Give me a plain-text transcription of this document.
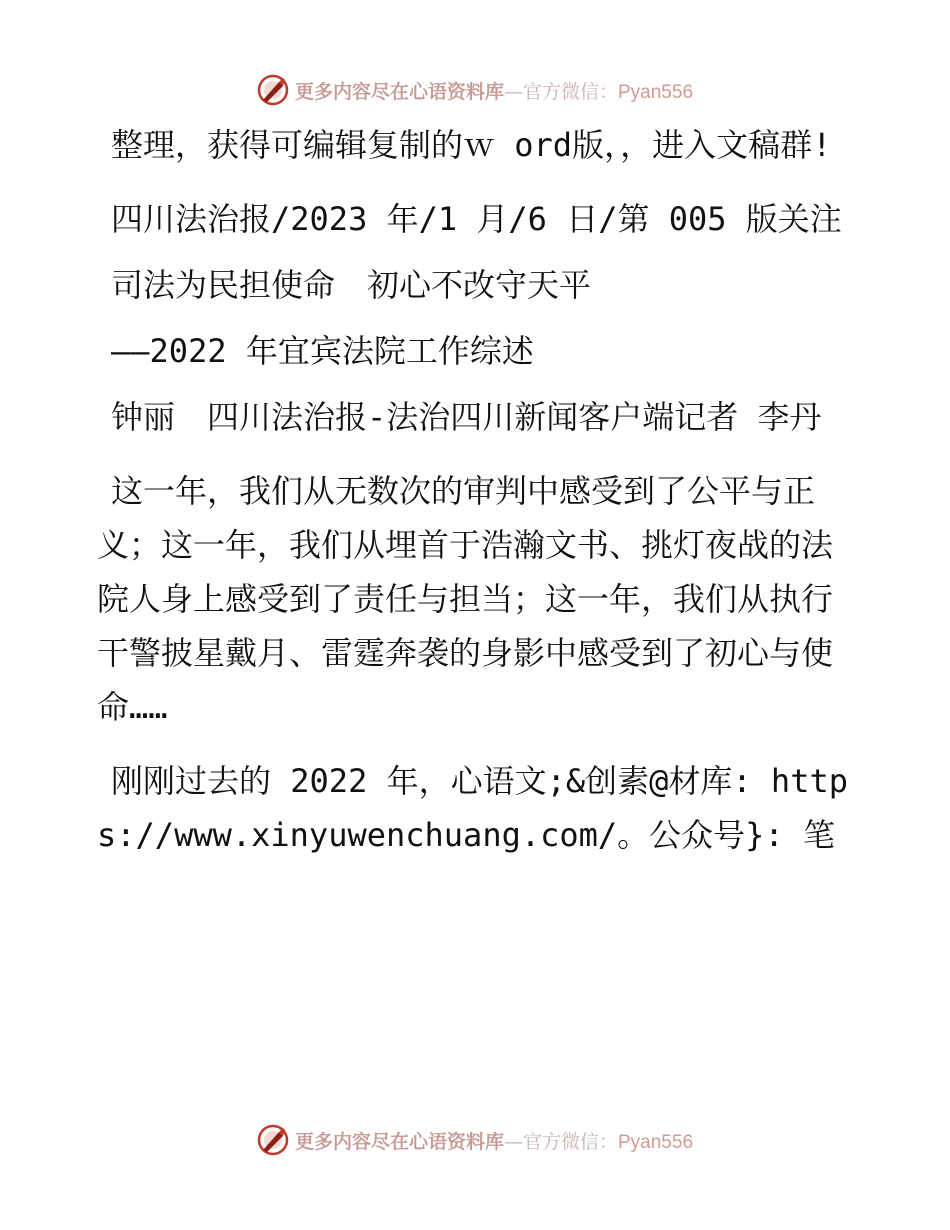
更多内容尽在心语资料库—官方微信：Pyan556

整理，获得可编辑复制的ｗ ord版，，进入文稿群!

四川法治报/2023 年/1 月/6 日/第 005 版关注

司法为民担使命　初心不改守天平

——2022 年宜宾法院工作综述

钟丽　四川法治报-法治四川新闻客户端记者 李丹

这一年，我们从无数次的审判中感受到了公平与正义；这一年，我们从埋首于浩瀚文书、挑灯夜战的法院人身上感受到了责任与担当；这一年，我们从执行干警披星戴月、雷霆奔袭的身影中感受到了初心与使命……

刚刚过去的 2022 年，心语文;&创素@材库: https://www.xinyuwenchuang.com/。公众号}: 笔

更多内容尽在心语资料库—官方微信：Pyan556
